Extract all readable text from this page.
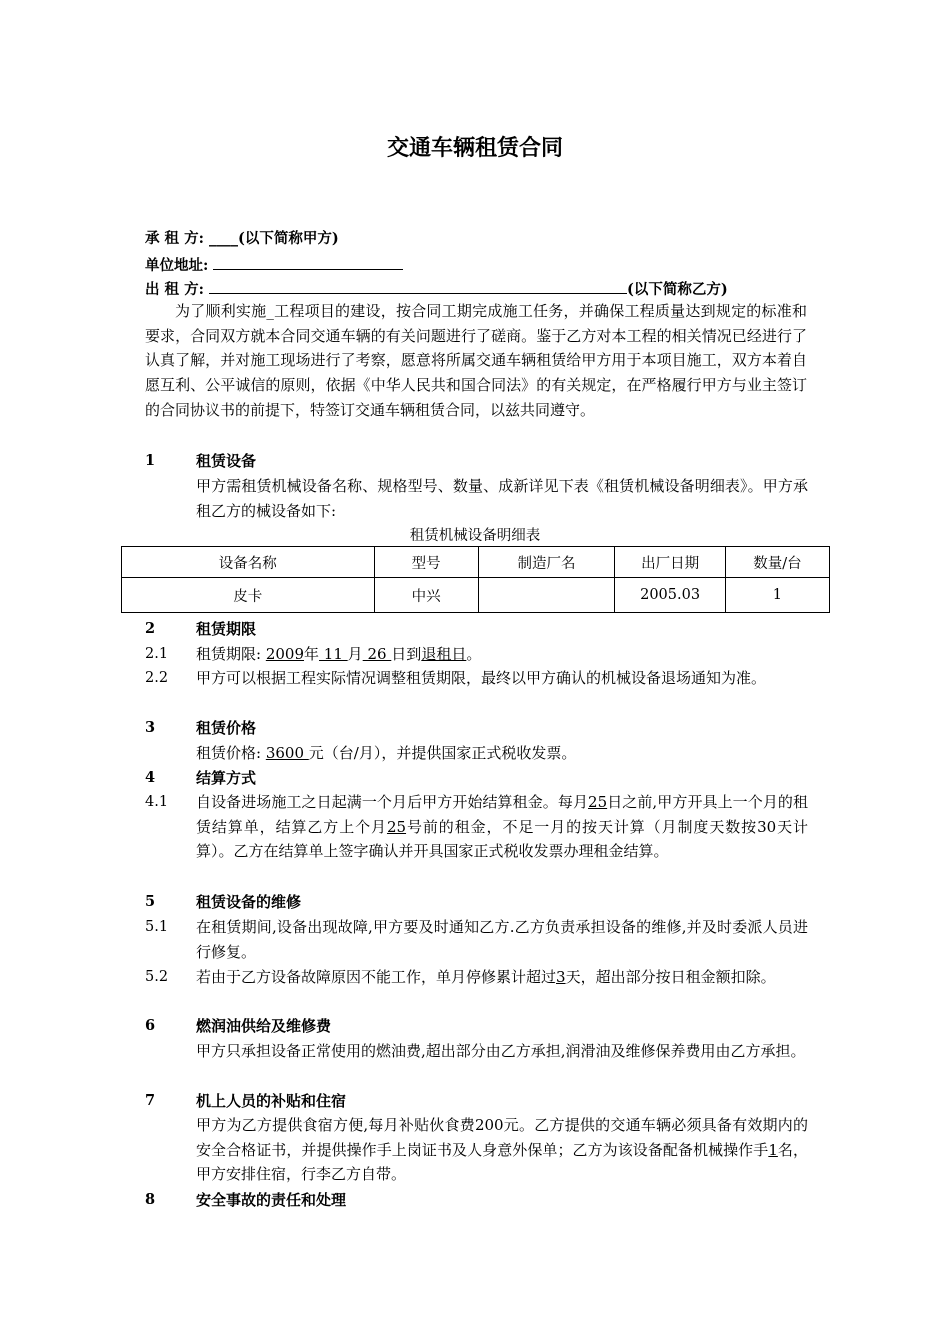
交通车辆租赁合同
承 租 方: ____(以下简称甲方)
单位地址:
出 租 方:	(以下简称乙方)
为了顺利实施_工程项目的建设，按合同工期完成施工任务，并确保工程质量达到规定的标准和要求，合同双方就本合同交通车辆的有关问题进行了磋商。鉴于乙方对本工程的相关情况已经进行了认真了解，并对施工现场进行了考察，愿意将所属交通车辆租赁给甲方用于本项目施工，双方本着自愿互利、公平诚信的原则，依据《中华人民共和国合同法》的有关规定，在严格履行甲方与业主签订的合同协议书的前提下，特签订交通车辆租赁合同，以兹共同遵守。
1	租赁设备
甲方需租赁机械设备名称、规格型号、数量、成新详见下表《租赁机械设备明细表》。甲方承租乙方的械设备如下:
租赁机械设备明细表
设备名称	型号	制造厂名	出厂日期	数量/台
皮卡	中兴		2005.03	1
2	租赁期限
2.1 租赁期限: 2009年 11 月 26 日到退租日。
2.2 甲方可以根据工程实际情况调整租赁期限，最终以甲方确认的机械设备退场通知为准。
3	租赁价格
租赁价格: 3600 元（台/月），并提供国家正式税收发票。
4	结算方式
4.1 自设备进场施工之日起满一个月后甲方开始结算租金。每月25日之前,甲方开具上一个月的租赁结算单，结算乙方上个月25号前的租金，不足一月的按天计算（月制度天数按30天计算）。乙方在结算单上签字确认并开具国家正式税收发票办理租金结算。
5	租赁设备的维修
5.1 在租赁期间,设备出现故障,甲方要及时通知乙方.乙方负责承担设备的维修,并及时委派人员进行修复。
5.2 若由于乙方设备故障原因不能工作，单月停修累计超过3天，超出部分按日租金额扣除。
6	燃润油供给及维修费
甲方只承担设备正常使用的燃油费,超出部分由乙方承担,润滑油及维修保养费用由乙方承担。
7	机上人员的补贴和住宿
甲方为乙方提供食宿方便,每月补贴伙食费200元。乙方提供的交通车辆必须具备有效期内的安全合格证书，并提供操作手上岗证书及人身意外保单；乙方为该设备配备机械操作手1名，甲方安排住宿，行李乙方自带。
8	安全事故的责任和处理
